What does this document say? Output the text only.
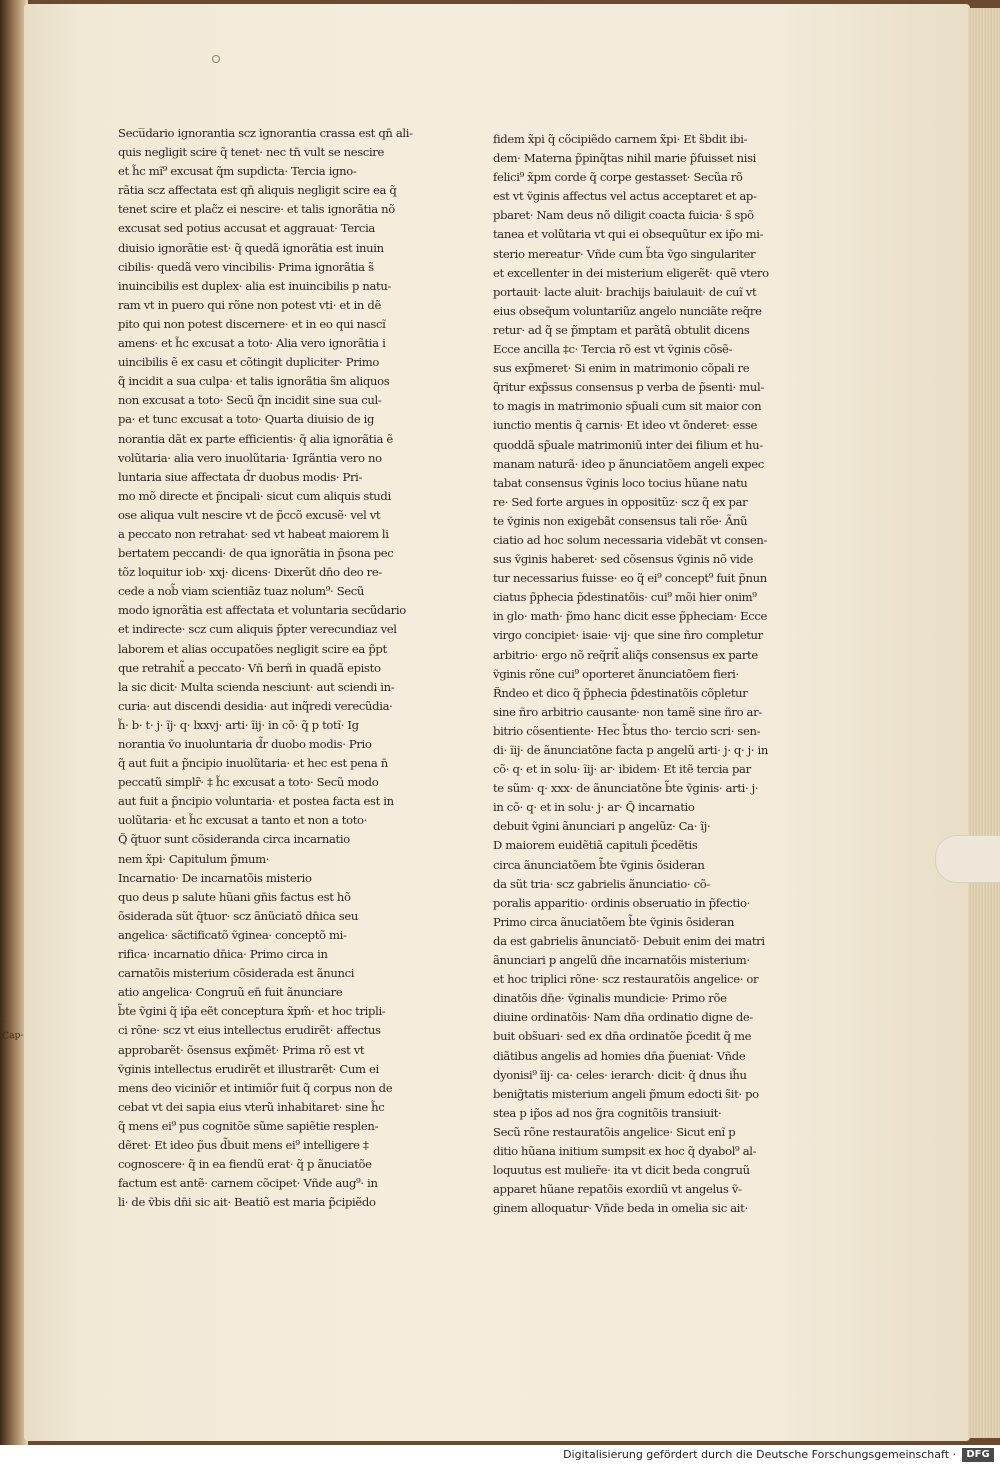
· Cap‑
Secu̅dario ignorantia scz ignorantia crassa est qn̄ ali-
quis negligit scire q̃ tenet· nec tn̄ vult se nescire
et h̃c mĩ⁹ excusat q̃m supdicta· Tercia igno-
rãtia scz affectata est qn̄ aliquis negligit scire ea q̃
tenet scire et plac̃z ei nescire· et talis ignorãtia nõ
excusat sed potius accusat et aggrauat· Tercia
diuisio ignorãtie est· q̃ quedã ignorãtia est inuin
cibilis· quedã vero vincibilis· Prima ignorãtia s̃
inuincibilis est duplex· alia est inuincibilis p natu-
ram vt in puero qui rõne non potest vti· et in dẽ
pito qui non potest discernere· et in eo qui nascĩ
amens· et h̃c excusat a toto· Alia vero ignorãtia i
uincibilis ẽ ex casu et cõtingit dupliciter· Primo
q̃ incidit a sua culpa· et talis ignorãtia s̃m aliquos
non excusat a toto· Secũ q̃n incidit sine sua cul-
pa· et tunc excusat a toto· Quarta diuisio de ig
norantia dãt ex parte efficientis· q̃ alia ignorãtia ẽ
volũtaria· alia vero inuolũtaria· Igrãntia vero no
luntaria siue affectata d̃r duobus modis· Pri-
mo mõ directe et p̃ncipali· sicut cum aliquis studi
ose aliqua vult nescire vt de p̃ccõ excusẽ· vel vt
a peccato non retrahat· sed vt habeat maiorem li
bertatem peccandi· de qua ignorãtia in p̃sona pec
tõz loquitur iob· xxj· dicens· Dixerũt dn̄o deo re-
cede a nob̃ viam scientiãz tuaz nolum⁹· Secũ
modo ignorãtia est affectata et voluntaria secũdario
et indirecte· scz cum aliquis p̃pter verecundiaz vel
laborem et alias occupatões negligit scire ea p̃pt
que retrahit̃ a peccato· Vñ berñ in quadã episto
la sic dicit· Multa scienda nesciunt· aut sciendi in-
curia· aut discendi desidia· aut inq̃redi verecũdia·
h̃· b· t· j· ĩj· q· lxxvj· arti· ĩij· in cõ· q̃ p totĩ· Ig
norantia ṽo inuoluntaria d̃r duobo modis· Prio
q̃ aut fuit a p̃ncipio inuolũtaria· et hec est pena n̄
peccatũ simplr̃· ‡ h̃c excusat a toto· Secũ modo
aut fuit a p̃ncipio voluntaria· et postea facta est in
uolũtaria· et h̃c excusat a tanto et non a toto·
Q̃ q̃tuor sunt cõsideranda circa incarnatio
nem x̃pi· Capitulum p̃mum·
Incarnatio· De incarnatõis misterio
quo deus p salute hũani gn̄is factus est hõ
õsiderada sũt q̃tuor· scz ãnũciatõ dn̄ica seu
angelica· sãctificatõ ṽginea· conceptõ mi-
rifica· incarnatio dn̄ica· Primo circa in
carnatõis misterium cõsiderada est ãnunci
atio angelica· Congruũ en̄ fuit ãnunciare
b̃te ṽgini q̃ ip̃a eẽt conceptura x̃pm̃· et hoc tripli-
ci rõne· scz vt eius intellectus erudirẽt· affectus
approbarẽt· õsensus exp̃mẽt· Prima rõ est vt
ṽginis intellectus erudirẽt et illustrarẽt· Cum ei
mens deo viciniõr et intimiõr fuit q̃ corpus non de
cebat vt dei sapia eius vterũ inhabitaret· sine h̃c
q̃ mens ei⁹ pus cognitõe sũme sapiẽtie resplen-
dẽret· Et ideo p̃us d̃buit mens ei⁹ intelligere ‡
cognoscere· q̃ in ea fiendũ erat· q̃ p ãnuciatõe
factum est antẽ· carnem cõcipet· Vñde aug⁹· in
li· de ṽbis dn̄i sic ait· Beatiõ est maria p̃cipiẽdo
fidem x̃pi q̃ cõcipiẽdo carnem x̃pi· Et s̃bdit ibi-
dem· Materna p̃pinq̃tas nihil marie p̃fuisset nisi
felici⁹ x̃pm corde q̃ corpe gestasset· Secũa rõ
est vt ṽginis affectus vel actus acceptaret et ap-
pbaret· Nam deus nõ diligit coacta fuicia· s̃ spõ
tanea et volũtaria vt qui ei obsequũtur ex ip̃o mi-
sterio mereatur· Vñde cum b̃ta ṽgo singulariter
et excellenter in dei misterium eligerẽt· quẽ vtero
portauit· lacte aluit· brachijs baiulauit· de cuĩ vt
eius obseq̄um voluntariũz angelo nunciãte req̃re
retur· ad q̃ se p̃mptam et parãtã obtulit dicens
Ecce ancilla ‡c· Tercia rõ est vt ṽginis cõsẽ-
sus exp̃meret· Si enim in matrimonio cõpali re
q̃ritur exp̃ssus consensus p verba de p̃senti· mul-
to magis in matrimonio sp̃uali cum sit maior con
iunctio mentis q̃ carnis· Et ideo vt õnderet· esse
quoddã sp̃uale matrimoniũ inter dei filium et hu-
manam naturã· ideo p ãnunciatõem angeli expec
tabat consensus ṽginis loco tocius hũane natu
re· Sed forte argues in oppositũz· scz q̃ ex par
te ṽginis non exigebãt consensus tali rõe· Ãnũ
ciatio ad hoc solum necessaria videbãt vt consen-
sus ṽginis haberet· sed cõsensus ṽginis nõ vide
tur necessarius fuisse· eo q̃ ei⁹ concept⁹ fuit p̃nun
ciatus p̃phecia p̃destinatõis· cui⁹ mõi hier onim⁹
in glo· math· p̃mo hanc dicit esse p̃pheciam· Ecce
virgo concipiet· isaie· vij· que sine ñro completur
arbitrio· ergo nõ req̃rit̃ aliq̃s consensus ex parte
ṽginis rõne cui⁹ oporteret ãnunciatõem fieri·
R̃ndeo et dico q̃ p̃phecia p̃destinatõis cõpletur
sine ñro arbitrio causante· non tamẽ sine ñro ar-
bitrio cõsentiente· Hec b̃tus tho· tercio scri· sen-
di· ĩij· de ãnunciatõne facta p angelũ arti· j· q· j· in
cõ· q· et in solu· ĩij· ar· ibidem· Et itẽ tercia par
te sũm· q· xxx· de ãnunciatõne b̃te ṽginis· arti· j·
in cõ· q· et in solu· j· ar· Q̃ incarnatio
debuit ṽgini ãnunciari p angelũz· Ca· ĩj·
D maiorem euidẽtiã capituli p̃cedẽtis
circa ãnunciatõem b̃te ṽginis õsideran
da sũt tria· scz gabrielis ãnunciatio· cõ-
poralis apparitio· ordinis obseruatio in p̃fectio·
Primo circa ãnuciatõem b̃te ṽginis õsideran
da est gabrielis ãnunciatõ· Debuit enim dei matri
ãnunciari p angelũ dn̄e incarnatõis misterium·
et hoc triplici rõne· scz restauratõis angelice· or
dinatõis dn̄e· ṽginalis mundicie· Primo rõe
diuine ordinatõis· Nam dn̄a ordinatio digne de-
buit obs̃uari· sed ex dn̄a ordinatõe p̃cedit q̃ me
diãtibus angelis ad homies dn̄a p̃ueniat· Vñde
dyonisi⁹ ĩij· ca· celes· ierarch· dicit· q̃ dnus ih̃u
benig̃tatis misterium angeli p̃mum edocti s̃it· po
stea p ip̃os ad nos g̃ra cognitõis transiuit·
Secũ rõne restauratõis angelice· Sicut enĩ p
ditio hũana initium sumpsit ex hoc q̃ dyabol⁹ al-
loquutus est mulier̃e· ita vt dicit beda congruũ
apparet hũane repatõis exordiũ vt angelus ṽ-
ginem alloquatur· Vñde beda in omelia sic ait·
Digitalisierung gefördert durch die Deutsche Forschungsgemeinschaft ·	DFG
